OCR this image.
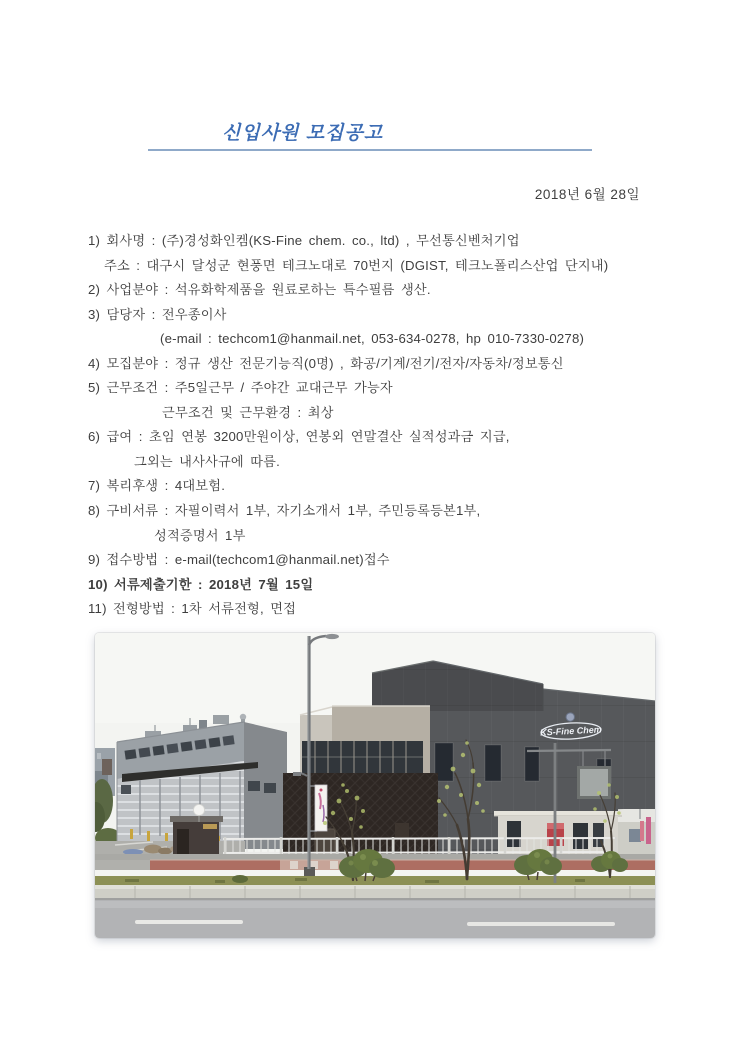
신입사원 모집공고
2018년 6월 28일
1) 회사명 : (주)경성화인켐(KS-Fine chem. co., ltd) , 무선통신벤처기업
주소 : 대구시 달성군 현풍면 테크노대로 70번지 (DGIST, 테크노폴리스산업 단지내)
2) 사업분야 : 석유화학제품을 원료로하는 특수필름 생산.
3) 담당자 : 전우종이사
(e-mail : techcom1@hanmail.net, 053-634-0278, hp 010-7330-0278)
4) 모집분야 : 정규 생산 전문기능직(0명) , 화공/기계/전기/전자/자동차/정보통신
5) 근무조건 : 주5일근무 / 주야간 교대근무 가능자
근무조건 및 근무환경 : 최상
6) 급여 : 초임 연봉 3200만원이상, 연봉외 연말결산 실적성과금 지급,
그외는 내사사규에 따름.
7) 복리후생 : 4대보험.
8) 구비서류 : 자필이력서 1부, 자기소개서 1부, 주민등록등본1부,
성적증명서 1부
9) 접수방법 : e-mail(techcom1@hanmail.net)접수
10) 서류제출기한 : 2018년 7월 15일
11) 전형방법 : 1차 서류전형, 면접
KS-Fine Chem
